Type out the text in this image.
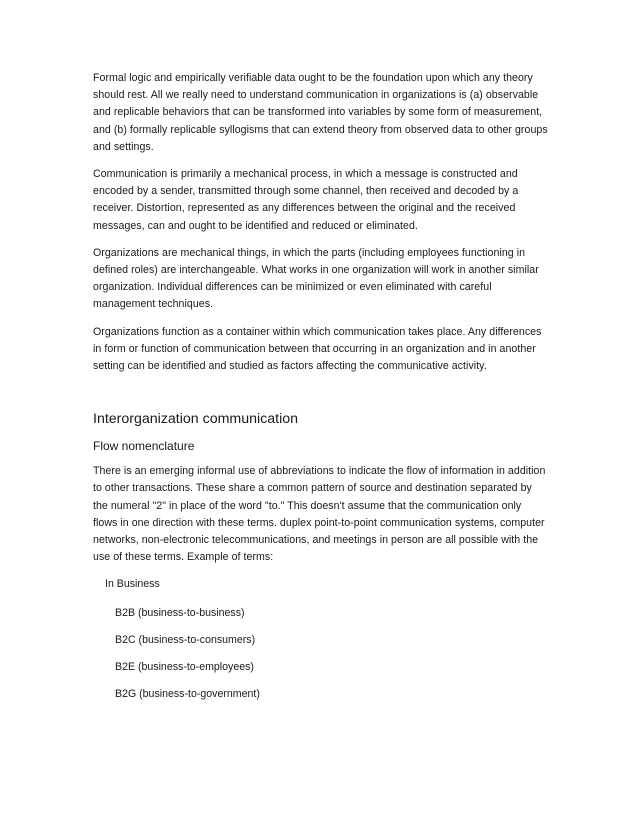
Formal logic and empirically verifiable data ought to be the foundation upon which any theory should rest. All we really need to understand communication in organizations is (a) observable and replicable behaviors that can be transformed into variables by some form of measurement, and (b) formally replicable syllogisms that can extend theory from observed data to other groups and settings.

Communication is primarily a mechanical process, in which a message is constructed and encoded by a sender, transmitted through some channel, then received and decoded by a receiver. Distortion, represented as any differences between the original and the received messages, can and ought to be identified and reduced or eliminated.

Organizations are mechanical things, in which the parts (including employees functioning in defined roles) are interchangeable. What works in one organization will work in another similar organization. Individual differences can be minimized or even eliminated with careful management techniques.

Organizations function as a container within which communication takes place. Any differences in form or function of communication between that occurring in an organization and in another setting can be identified and studied as factors affecting the communicative activity.

Interorganization communication
Flow nomenclature

There is an emerging informal use of abbreviations to indicate the flow of information in addition to other transactions. These share a common pattern of source and destination separated by the numeral "2" in place of the word "to." This doesn't assume that the communication only flows in one direction with these terms. duplex point-to-point communication systems, computer networks, non-electronic telecommunications, and meetings in person are all possible with the use of these terms. Example of terms:

In Business
B2B (business-to-business)
B2C (business-to-consumers)
B2E (business-to-employees)
B2G (business-to-government)
